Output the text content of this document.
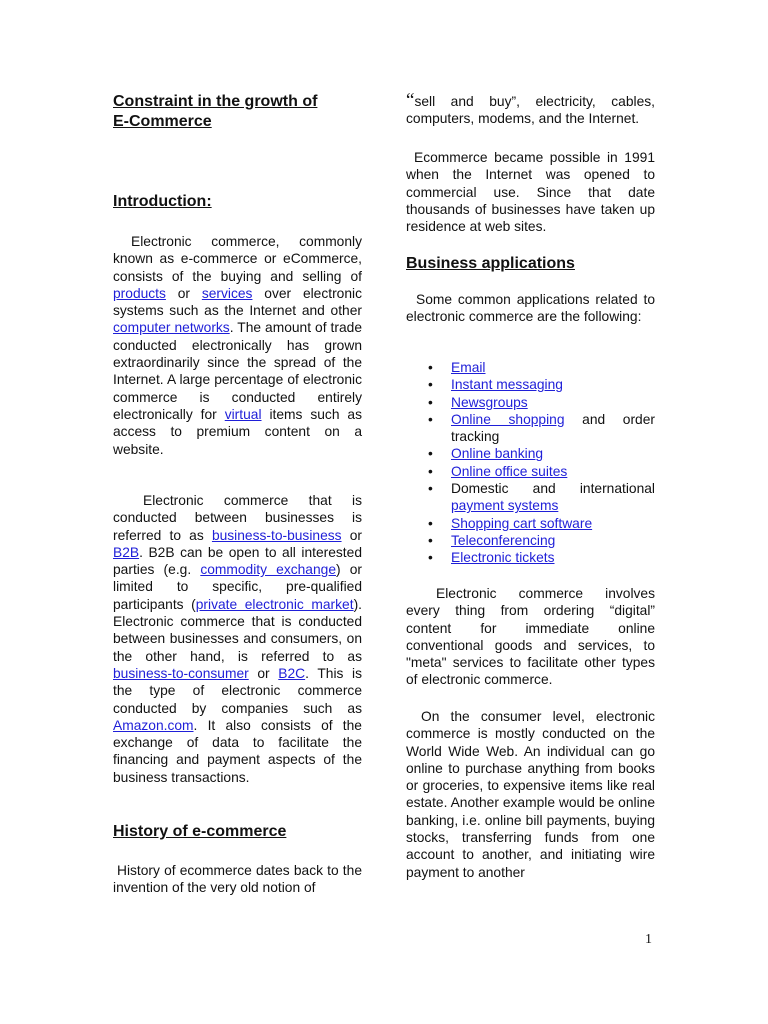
Constraint in the growth of
E-Commerce
Introduction:

Electronic commerce, commonly known as e-commerce or eCommerce, consists of the buying and selling of products or services over electronic systems such as the Internet and other computer networks. The amount of trade conducted electronically has grown extraordinarily since the spread of the Internet. A large percentage of electronic commerce is conducted entirely electronically for virtual items such as access to premium content on a website.

Electronic commerce that is conducted between businesses is referred to as business-to-business or B2B. B2B can be open to all interested parties (e.g. commodity exchange) or limited to specific, pre-qualified participants (private electronic market). Electronic commerce that is conducted between businesses and consumers, on the other hand, is referred to as business-to-consumer or B2C. This is the type of electronic commerce conducted by companies such as Amazon.com. It also consists of the exchange of data to facilitate the financing and payment aspects of the business transactions.

History of e-commerce

History of ecommerce dates back to the invention of the very old notion of

“sell and buy”, electricity, cables, computers, modems, and the Internet.

Ecommerce became possible in 1991 when the Internet was opened to commercial use. Since that date thousands of businesses have taken up residence at web sites.

Business applications

Some common applications related to electronic commerce are the following:

• Email
• Instant messaging
• Newsgroups
• Online shopping and order tracking
• Online banking
• Online office suites
• Domestic and international payment systems
• Shopping cart software
• Teleconferencing
• Electronic tickets

Electronic commerce involves every thing from ordering “digital” content for immediate online conventional goods and services, to "meta" services to facilitate other types of electronic commerce.

On the consumer level, electronic commerce is mostly conducted on the World Wide Web. An individual can go online to purchase anything from books or groceries, to expensive items like real estate. Another example would be online banking, i.e. online bill payments, buying stocks, transferring funds from one account to another, and initiating wire payment to another

1
